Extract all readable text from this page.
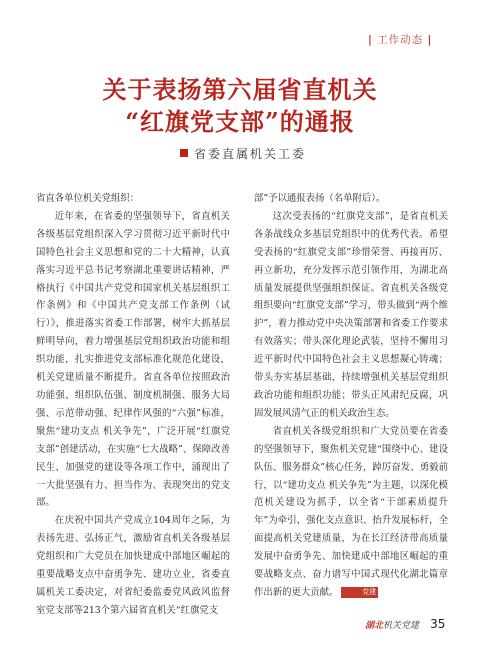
| 工作动态 |
关于表扬第六届省直机关
“红旗党支部”的通报
省委直属机关工委

省直各单位机关党组织：

近年来，在省委的坚强领导下，省直机关各级基层党组织深入学习贯彻习近平新时代中国特色社会主义思想和党的二十大精神，认真落实习近平总书记考察湖北重要讲话精神，严格执行《中国共产党党和国家机关基层组织工作条例》和《中国共产党支部工作条例（试行）》，推进落实省委工作部署，树牢大抓基层鲜明导向，着力增强基层党组织政治功能和组织功能，扎实推进党支部标准化规范化建设，机关党建质量不断提升。省直各单位按照政治功能强、组织队伍强、制度机制强、服务大局强、示范带动强、纪律作风强的“六强”标准，聚焦“建功支点 机关争先”，广泛开展“红旗党支部”创建活动，在实施“七大战略”、保障改善民生、加强党的建设等各项工作中，涌现出了一大批坚强有力、担当作为、表现突出的党支部。

在庆祝中国共产党成立104周年之际，为表扬先进、弘扬正气，激励省直机关各级基层党组织和广大党员在加快建成中部地区崛起的重要战略支点中奋勇争先、建功立业，省委直属机关工委决定，对省纪委监委党风政风监督室党支部等213个第六届省直机关“红旗党支

部”予以通报表扬（名单附后）。

这次受表扬的“红旗党支部”，是省直机关各条战线众多基层党组织中的优秀代表。希望受表扬的“红旗党支部”珍惜荣誉、再接再厉、再立新功，充分发挥示范引领作用，为湖北高质量发展提供坚强组织保证。省直机关各级党组织要向“红旗党支部”学习，带头做到“两个维护”，着力推动党中央决策部署和省委工作要求有效落实；带头深化理论武装，坚持不懈用习近平新时代中国特色社会主义思想凝心铸魂；带头夯实基层基础，持续增强机关基层党组织政治功能和组织功能；带头正风肃纪反腐，巩固发展风清气正的机关政治生态。

省直机关各级党组织和广大党员要在省委的坚强领导下，聚焦机关党建“围绕中心、建设队伍、服务群众”核心任务，踔厉奋发、勇毅前行，以“建功支点 机关争先”为主题，以深化模范机关建设为抓手，以全省“干部素质提升年”为牵引，强化支点意识、抬升发展标杆，全面提高机关党建质量，为在长江经济带高质量发展中奋勇争先、加快建成中部地区崛起的重要战略支点、奋力谱写中国式现代化湖北篇章作出新的更大贡献。	党建

湖北机关党建 35
